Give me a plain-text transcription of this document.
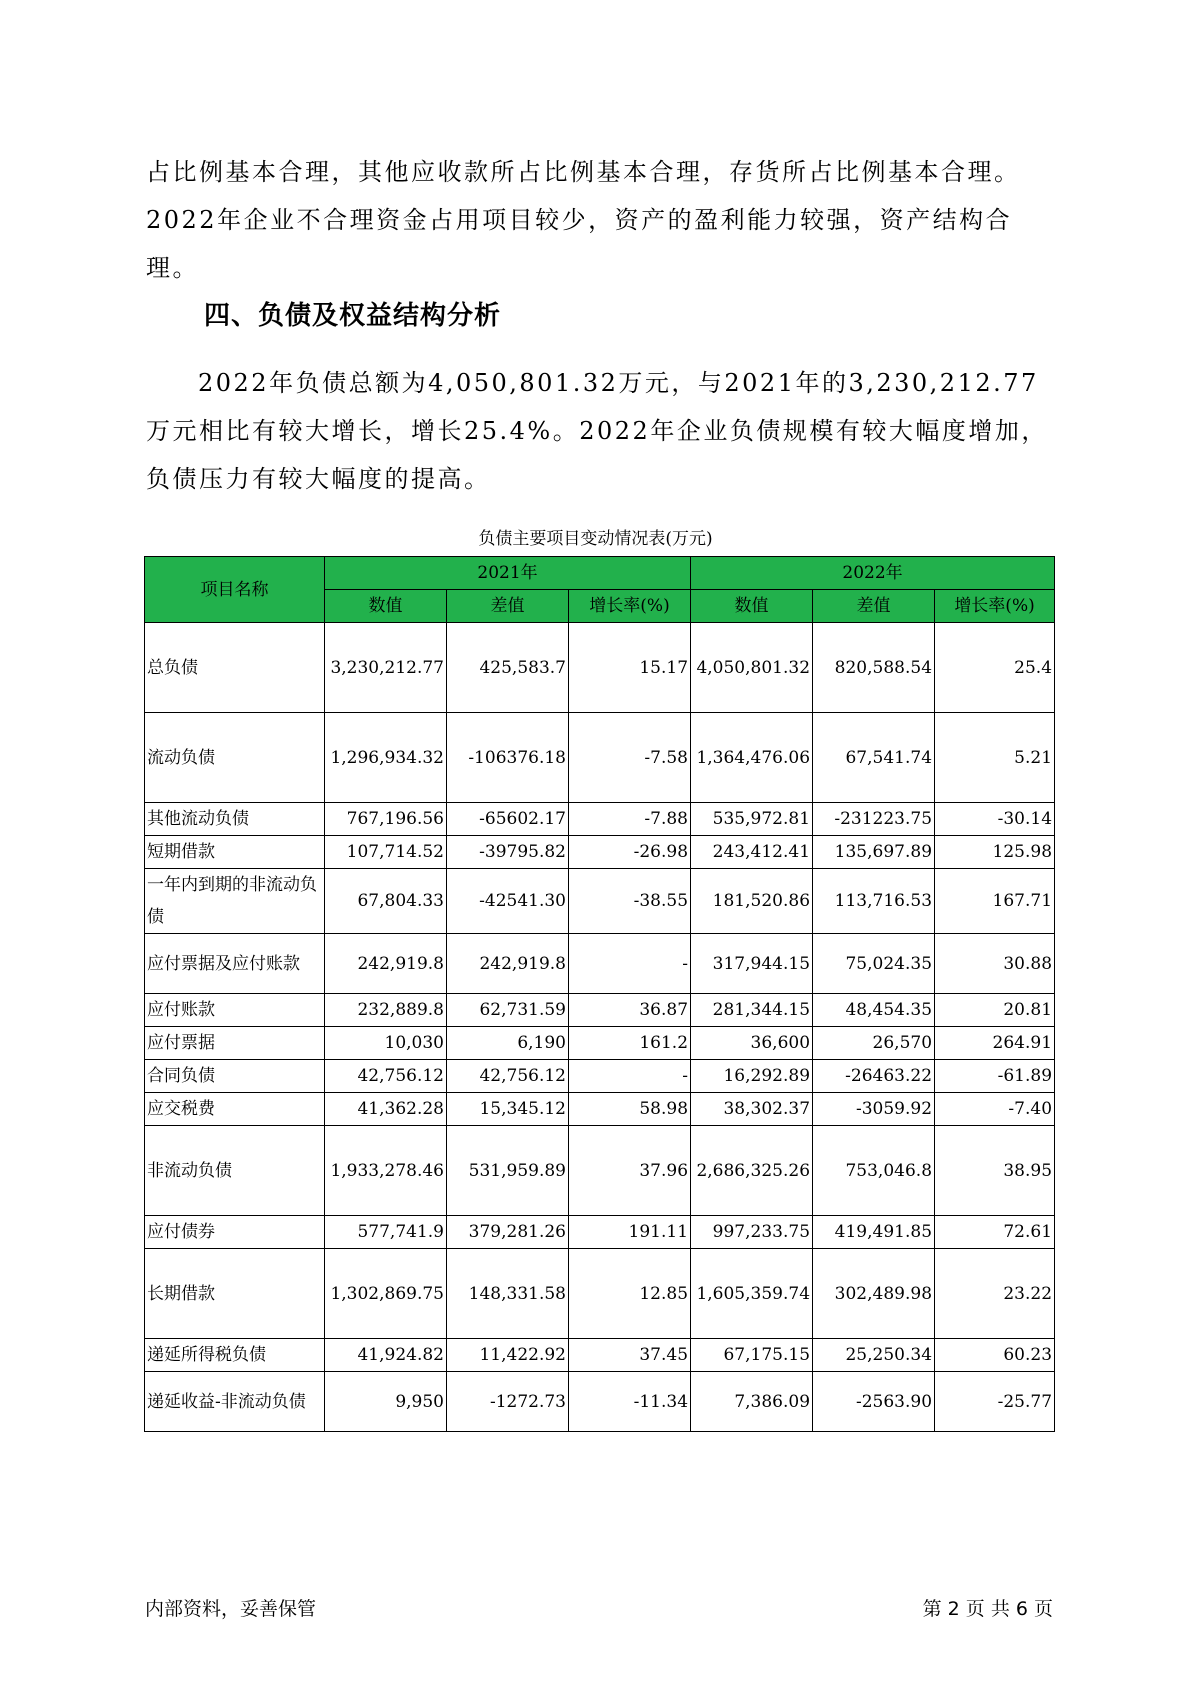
占比例基本合理，其他应收款所占比例基本合理，存货所占比例基本合理。2022年企业不合理资金占用项目较少，资产的盈利能力较强，资产结构合理。

四、负债及权益结构分析

2022年负债总额为4,050,801.32万元，与2021年的3,230,212.77万元相比有较大增长，增长25.4%。2022年企业负债规模有较大幅度增加，负债压力有较大幅度的提高。

负债主要项目变动情况表(万元)
项目名称	2021年			2022年		
	数值	差值	增长率(%)	数值	差值	增长率(%)
总负债	3,230,212.77	425,583.7	15.17	4,050,801.32	820,588.54	25.4
流动负债	1,296,934.32	-106376.18	-7.58	1,364,476.06	67,541.74	5.21
其他流动负债	767,196.56	-65602.17	-7.88	535,972.81	-231223.75	-30.14
短期借款	107,714.52	-39795.82	-26.98	243,412.41	135,697.89	125.98
一年内到期的非流动负债	67,804.33	-42541.30	-38.55	181,520.86	113,716.53	167.71
应付票据及应付账款	242,919.8	242,919.8	-	317,944.15	75,024.35	30.88
应付账款	232,889.8	62,731.59	36.87	281,344.15	48,454.35	20.81
应付票据	10,030	6,190	161.2	36,600	26,570	264.91
合同负债	42,756.12	42,756.12	-	16,292.89	-26463.22	-61.89
应交税费	41,362.28	15,345.12	58.98	38,302.37	-3059.92	-7.40
非流动负债	1,933,278.46	531,959.89	37.96	2,686,325.26	753,046.8	38.95
应付债券	577,741.9	379,281.26	191.11	997,233.75	419,491.85	72.61
长期借款	1,302,869.75	148,331.58	12.85	1,605,359.74	302,489.98	23.22
递延所得税负债	41,924.82	11,422.92	37.45	67,175.15	25,250.34	60.23
递延收益-非流动负债	9,950	-1272.73	-11.34	7,386.09	-2563.90	-25.77
内部资料，妥善保管	第 2 页 共 6 页
